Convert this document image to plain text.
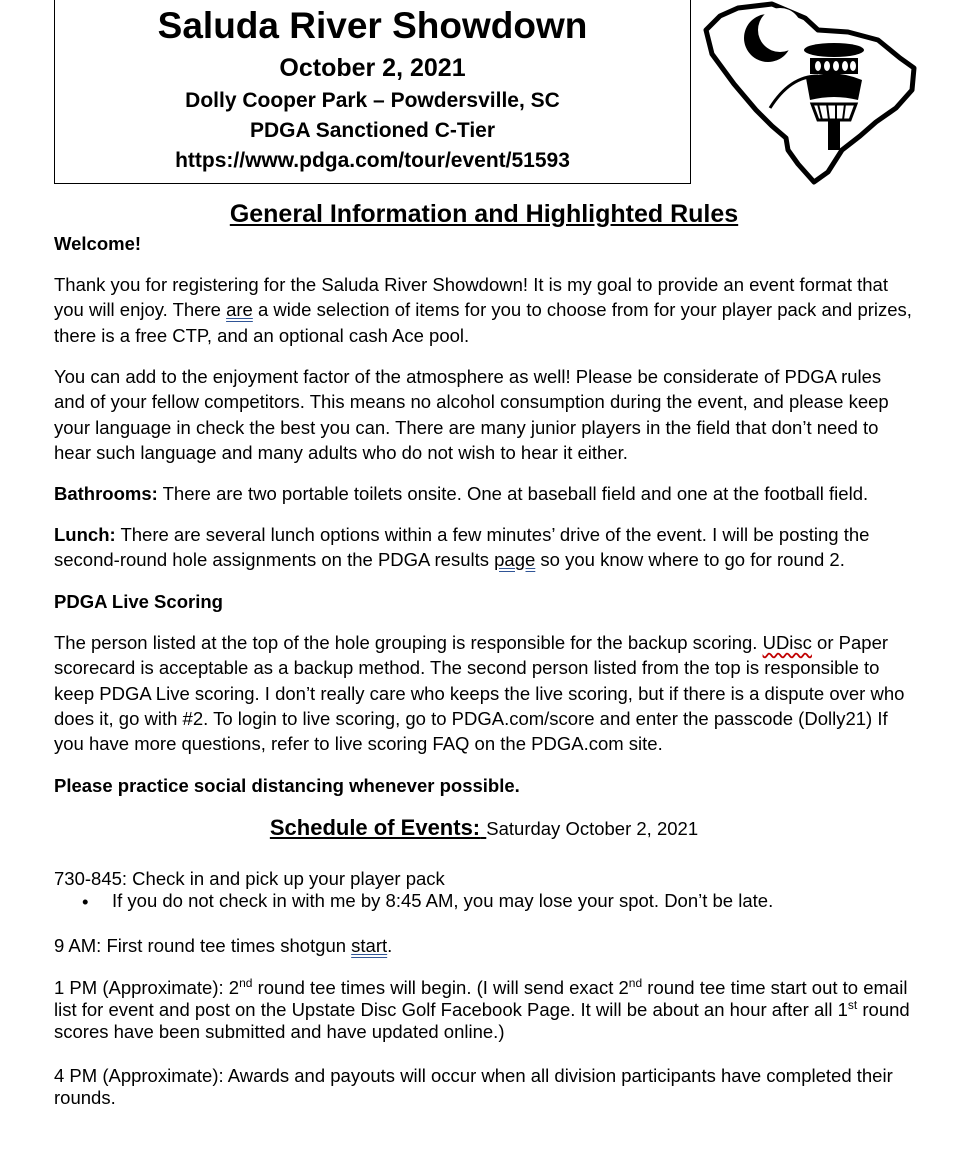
Saluda River Showdown
October 2, 2021
Dolly Cooper Park – Powdersville, SC
PDGA Sanctioned C-Tier
https://www.pdga.com/tour/event/51593
General Information and Highlighted Rules
Welcome!
Thank you for registering for the Saluda River Showdown! It is my goal to provide an event format that you will enjoy. There are a wide selection of items for you to choose from for your player pack and prizes, there is a free CTP, and an optional cash Ace pool.
You can add to the enjoyment factor of the atmosphere as well! Please be considerate of PDGA rules and of your fellow competitors. This means no alcohol consumption during the event, and please keep your language in check the best you can. There are many junior players in the field that don’t need to hear such language and many adults who do not wish to hear it either.
Bathrooms: There are two portable toilets onsite. One at baseball field and one at the football field.
Lunch: There are several lunch options within a few minutes’ drive of the event. I will be posting the second-round hole assignments on the PDGA results page so you know where to go for round 2.
PDGA Live Scoring
The person listed at the top of the hole grouping is responsible for the backup scoring. UDisc or Paper scorecard is acceptable as a backup method. The second person listed from the top is responsible to keep PDGA Live scoring. I don’t really care who keeps the live scoring, but if there is a dispute over who does it, go with #2. To login to live scoring, go to PDGA.com/score and enter the passcode (Dolly21) If you have more questions, refer to live scoring FAQ on the PDGA.com site.
Please practice social distancing whenever possible.
Schedule of Events: Saturday October 2, 2021
730-845: Check in and pick up your player pack
• If you do not check in with me by 8:45 AM, you may lose your spot. Don’t be late.
9 AM: First round tee times shotgun start.
1 PM (Approximate): 2nd round tee times will begin. (I will send exact 2nd round tee time start out to email list for event and post on the Upstate Disc Golf Facebook Page. It will be about an hour after all 1st round scores have been submitted and have updated online.)
4 PM (Approximate): Awards and payouts will occur when all division participants have completed their rounds.
